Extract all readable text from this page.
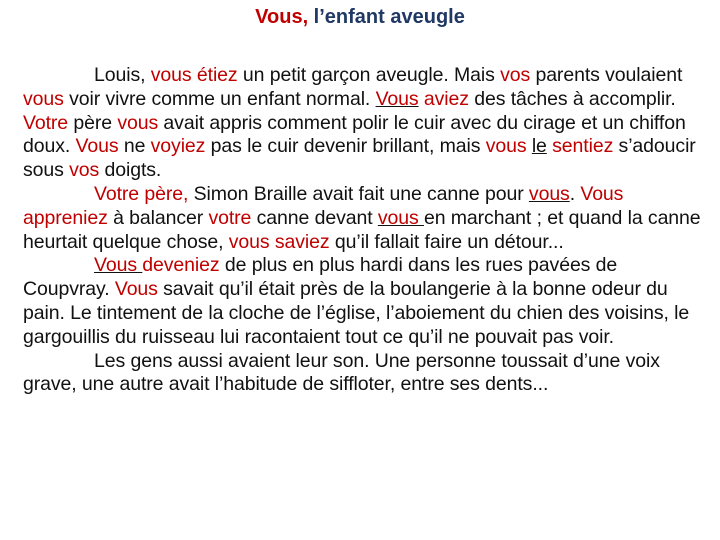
Vous, l’enfant aveugle

Louis, vous étiez un petit garçon aveugle. Mais vos parents voulaient vous voir vivre comme un enfant normal. Vous aviez des tâches à accomplir. Votre père vous avait appris comment polir le cuir avec du cirage et un chiffon doux. Vous ne voyiez pas le cuir devenir brillant, mais vous le sentiez s’adoucir sous vos doigts.

Votre père, Simon Braille avait fait une canne pour vous. Vous appreniez à balancer votre canne devant vous en marchant ; et quand la canne heurtait quelque chose, vous saviez qu’il fallait faire un détour...

Vous deveniez de plus en plus hardi dans les rues pavées de Coupvray. Vous savait qu’il était près de la boulangerie à la bonne odeur du pain. Le tintement de la cloche de l’église, l’aboiement du chien des voisins, le gargouillis du ruisseau lui racontaient tout ce qu’il ne pouvait pas voir.

Les gens aussi avaient leur son. Une personne toussait d’une voix grave, une autre avait l’habitude de siffloter, entre ses dents...
